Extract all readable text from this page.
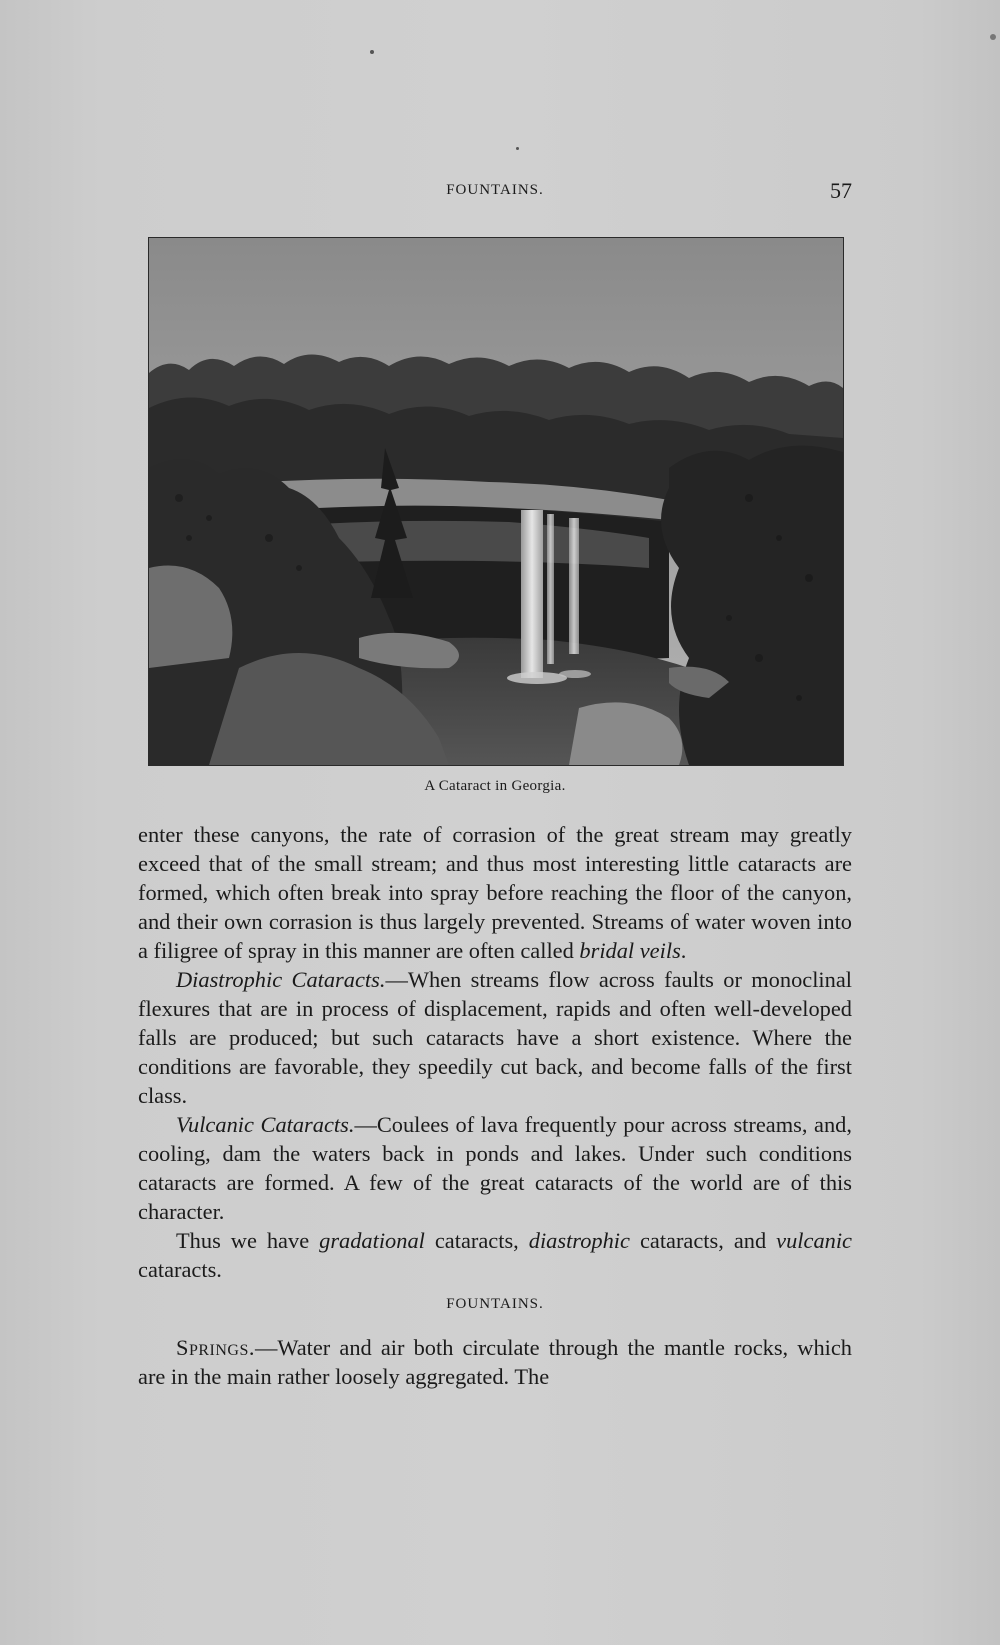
FOUNTAINS.	57
A Cataract in Georgia.

enter these canyons, the rate of corrasion of the great stream may greatly exceed that of the small stream; and thus most interesting little cataracts are formed, which often break into spray before reaching the floor of the canyon, and their own corrasion is thus largely prevented. Streams of water woven into a filigree of spray in this manner are often called bridal veils.

Diastrophic Cataracts.—When streams flow across faults or monoclinal flexures that are in process of displacement, rapids and often well-developed falls are produced; but such cataracts have a short existence. Where the conditions are favorable, they speedily cut back, and become falls of the first class.

Vulcanic Cataracts.—Coulees of lava frequently pour across streams, and, cooling, dam the waters back in ponds and lakes. Under such conditions cataracts are formed. A few of the great cataracts of the world are of this character.

Thus we have gradational cataracts, diastrophic cataracts, and vulcanic cataracts.

FOUNTAINS.

Springs.—Water and air both circulate through the mantle rocks, which are in the main rather loosely aggregated. The
